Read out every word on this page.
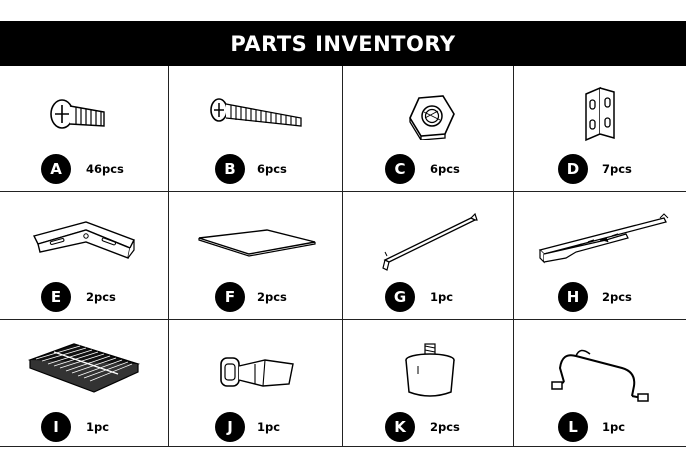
PARTS INVENTORY
A	46pcs	B	6pcs	C	6pcs	D	7pcs
E	2pcs	F	2pcs	G	1pc	H	2pcs
I	1pc	J	1pc	K	2pcs	L	1pc
